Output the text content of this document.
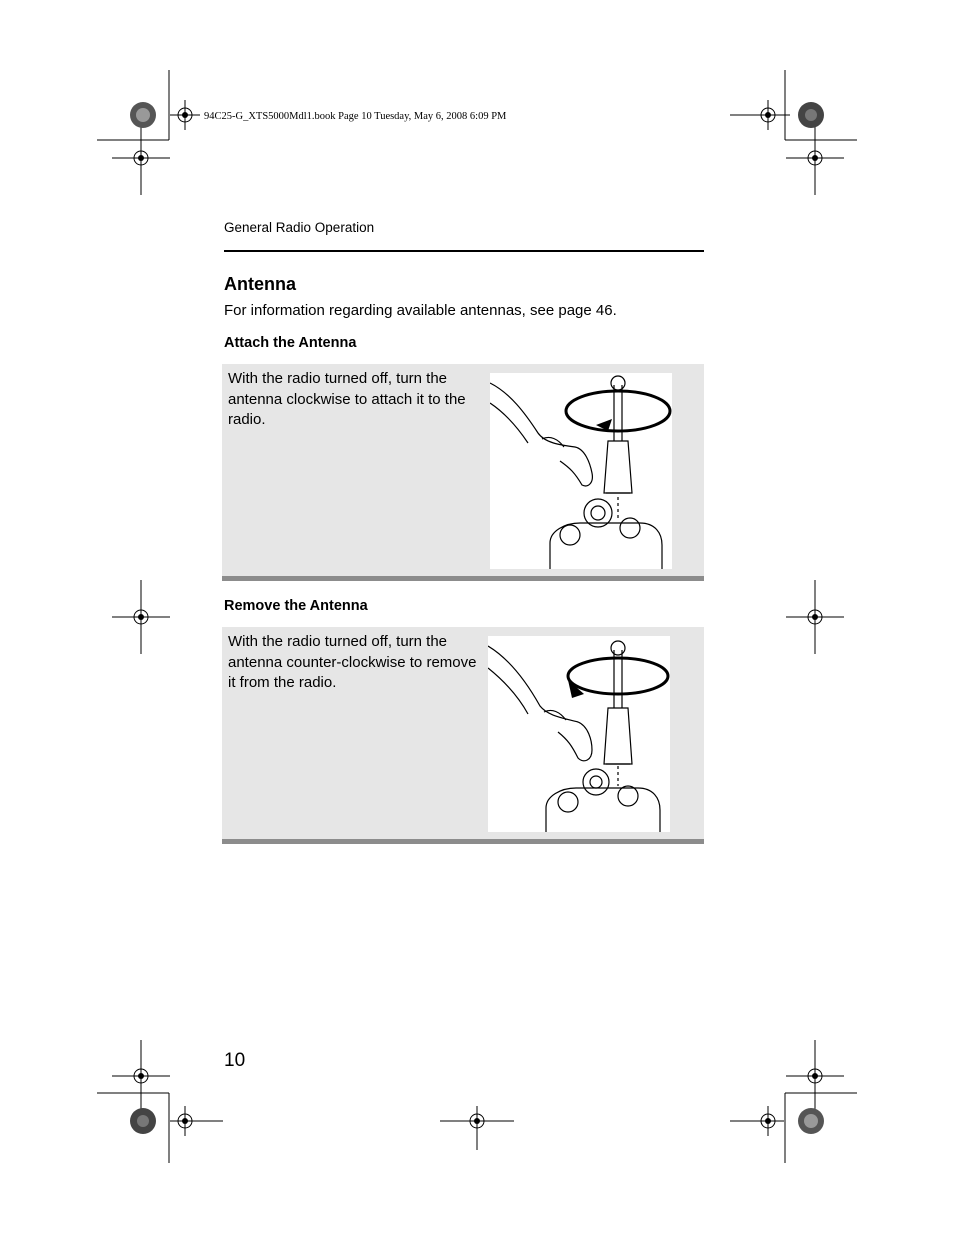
94C25-G_XTS5000Mdl1.book Page 10 Tuesday, May 6, 2008 6:09 PM
General Radio Operation
Antenna
For information regarding available antennas, see page 46.
Attach the Antenna
With the radio turned off, turn the antenna clockwise to attach it to the radio.
Remove the Antenna
With the radio turned off, turn the antenna counter-clockwise to remove it from the radio.
10
